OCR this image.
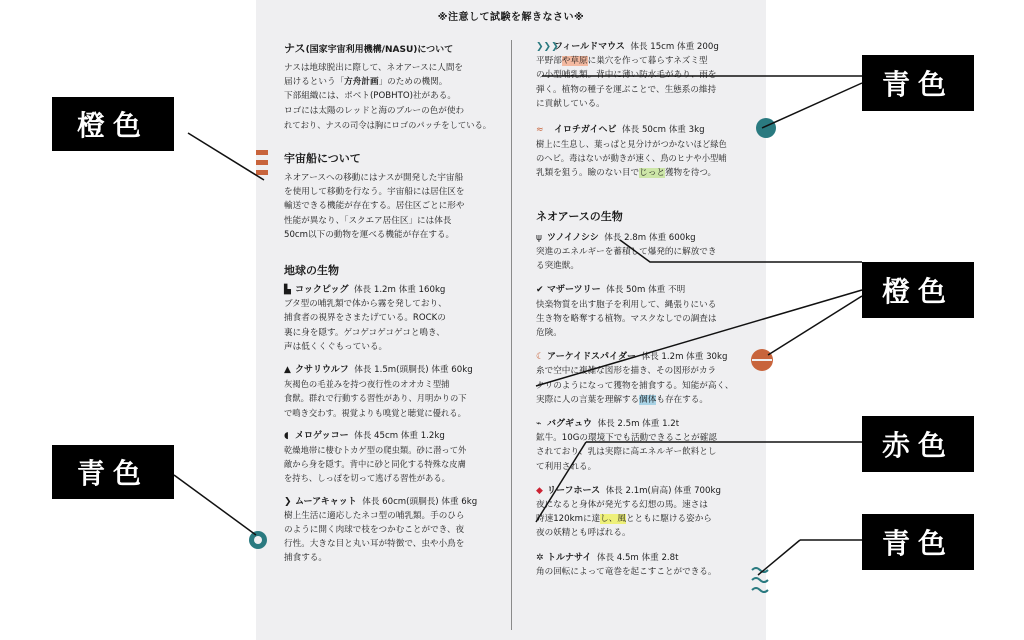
※注意して試験を解きなさい※
ナス(国家宇宙利用機構/NASU)について

ナスは地球脱出に際して、ネオアースに人間を

届けるという「方舟計画」のための機関。

下部組織には、ポベト(POBHTO)社がある。

ロゴには太陽のレッドと海のブルーの色が使わ

れており、ナスの司令は胸にロゴのパッチをしている。

宇宙船について

ネオアースへの移動にはナスが開発した宇宙船

を使用して移動を行なう。宇宙船には居住区を

輸送できる機能が存在する。居住区ごとに形や

性能が異なり、「スクエア居住区」には体長

50cm以下の動物を運べる機能が存在する。

地球の生物

▙ コックピッグ 体長 1.2m 体重 160kg

ブタ型の哺乳類で体から霧を発しており、

捕食者の視界をさまたげている。ROCKの

裏に身を隠す。ゲコゲコゲコゲコと鳴き、

声は低くくぐもっている。

▲ クサリウルフ 体長 1.5m(頭胴長) 体重 60kg

灰褐色の毛並みを持つ夜行性のオオカミ型捕

食獣。群れで行動する習性があり、月明かりの下

で鳴き交わす。視覚よりも嗅覚と聴覚に優れる。

◖ メロゲッコー 体長 45cm 体重 1.2kg

乾燥地帯に棲むトカゲ型の爬虫類。砂に潜って外

敵から身を隠す。背中に砂と同化する特殊な皮膚

を持ち、しっぽを切って逃げる習性がある。

❯ ムーアキャット 体長 60cm(頭胴長) 体重 6kg

樹上生活に適応したネコ型の哺乳類。手のひら

のように開く肉球で枝をつかむことができ、夜

行性。大きな目と丸い耳が特徴で、虫や小鳥を

捕食する。

❯❯❯フィールドマウス 体長 15cm 体重 200g

平野部や草原に巣穴を作って暮らすネズミ型

の小型哺乳類。背中に薄い防水毛があり、雨を

弾く。植物の種子を運ぶことで、生態系の維持

に貢献している。

≈ イロチガイヘビ 体長 50cm 体重 3kg

樹上に生息し、葉っぱと見分けがつかないほど緑色

のヘビ。毒はないが動きが速く、鳥のヒナや小型哺

乳類を狙う。瞼のない目でじっと獲物を待つ。

ネオアースの生物

ψ ツノイノシシ 体長 2.8m 体重 600kg

突進のエネルギーを蓄積して爆発的に解放でき

る突進獣。

✔ マザーツリー 体長 50m 体重 不明

快楽物質を出す胞子を利用して、縄張りにいる

生き物を略奪する植物。マスクなしでの調査は

危険。

☾ アーケイドスパイダー 体長 1.2m 体重 30kg

糸で空中に複雑な図形を描き、その図形がカラ

クリのようになって獲物を捕食する。知能が高く、

実際に人の言葉を理解する個体も存在する。

⌁ バグギュウ 体長 2.5m 体重 1.2t

鉱牛。10Gの環境下でも活動できることが確認

されており、乳は実際に高エネルギー飲料とし

て利用される。

◆ リーフホース 体長 2.1m(肩高) 体重 700kg

夜になると身体が発光する幻想の馬。速さは

時速120kmに達し、風とともに駆ける姿から

夜の妖精とも呼ばれる。

✲ トルナサイ 体長 4.5m 体重 2.8t

角の回転によって竜巻を起こすことができる。

橙色
青色
青色
橙色
赤色
青色
